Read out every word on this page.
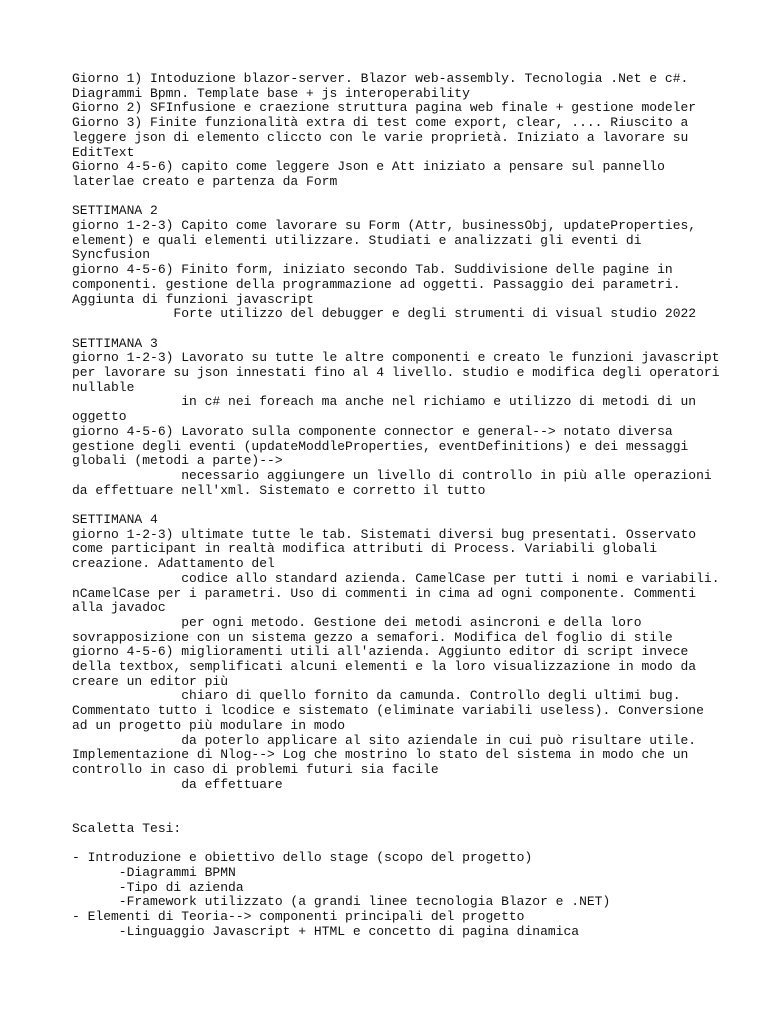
Giorno 1) Intoduzione blazor-server. Blazor web-assembly. Tecnologia .Net e c#.
Diagrammi Bpmn. Template base + js interoperability
Giorno 2) SFInfusione e craezione struttura pagina web finale + gestione modeler
Giorno 3) Finite funzionalità extra di test come export, clear, .... Riuscito a
leggere json di elemento cliccto con le varie proprietà. Iniziato a lavorare su
EditText
Giorno 4-5-6) capito come leggere Json e Att iniziato a pensare sul pannello
laterlae creato e partenza da Form
SETTIMANA 2
giorno 1-2-3) Capito come lavorare su Form (Attr, businessObj, updateProperties,
element) e quali elementi utilizzare. Studiati e analizzati gli eventi di
Syncfusion
giorno 4-5-6) Finito form, iniziato secondo Tab. Suddivisione delle pagine in
componenti. gestione della programmazione ad oggetti. Passaggio dei parametri.
Aggiunta di funzioni javascript
Forte utilizzo del debugger e degli strumenti di visual studio 2022
SETTIMANA 3
giorno 1-2-3) Lavorato su tutte le altre componenti e creato le funzioni javascript
per lavorare su json innestati fino al 4 livello. studio e modifica degli operatori
nullable
in c# nei foreach ma anche nel richiamo e utilizzo di metodi di un
oggetto
giorno 4-5-6) Lavorato sulla componente connector e general--> notato diversa
gestione degli eventi (updateModdleProperties, eventDefinitions) e dei messaggi
globali (metodi a parte)-->
necessario aggiungere un livello di controllo in più alle operazioni
da effettuare nell'xml. Sistemato e corretto il tutto
SETTIMANA 4
giorno 1-2-3) ultimate tutte le tab. Sistemati diversi bug presentati. Osservato
come participant in realtà modifica attributi di Process. Variabili globali
creazione. Adattamento del
codice allo standard azienda. CamelCase per tutti i nomi e variabili.
nCamelCase per i parametri. Uso di commenti in cima ad ogni componente. Commenti
alla javadoc
per ogni metodo. Gestione dei metodi asincroni e della loro
sovrapposizione con un sistema gezzo a semafori. Modifica del foglio di stile
giorno 4-5-6) miglioramenti utili all'azienda. Aggiunto editor di script invece
della textbox, semplificati alcuni elementi e la loro visualizzazione in modo da
creare un editor più
chiaro di quello fornito da camunda. Controllo degli ultimi bug.
Commentato tutto i lcodice e sistemato (eliminate variabili useless). Conversione
ad un progetto più modulare in modo
da poterlo applicare al sito aziendale in cui può risultare utile.
Implementazione di Nlog--> Log che mostrino lo stato del sistema in modo che un
controllo in caso di problemi futuri sia facile
da effettuare
Scaletta Tesi:
- Introduzione e obiettivo dello stage (scopo del progetto)
-Diagrammi BPMN
-Tipo di azienda
-Framework utilizzato (a grandi linee tecnologia Blazor e .NET)
- Elementi di Teoria--> componenti principali del progetto
-Linguaggio Javascript + HTML e concetto di pagina dinamica
